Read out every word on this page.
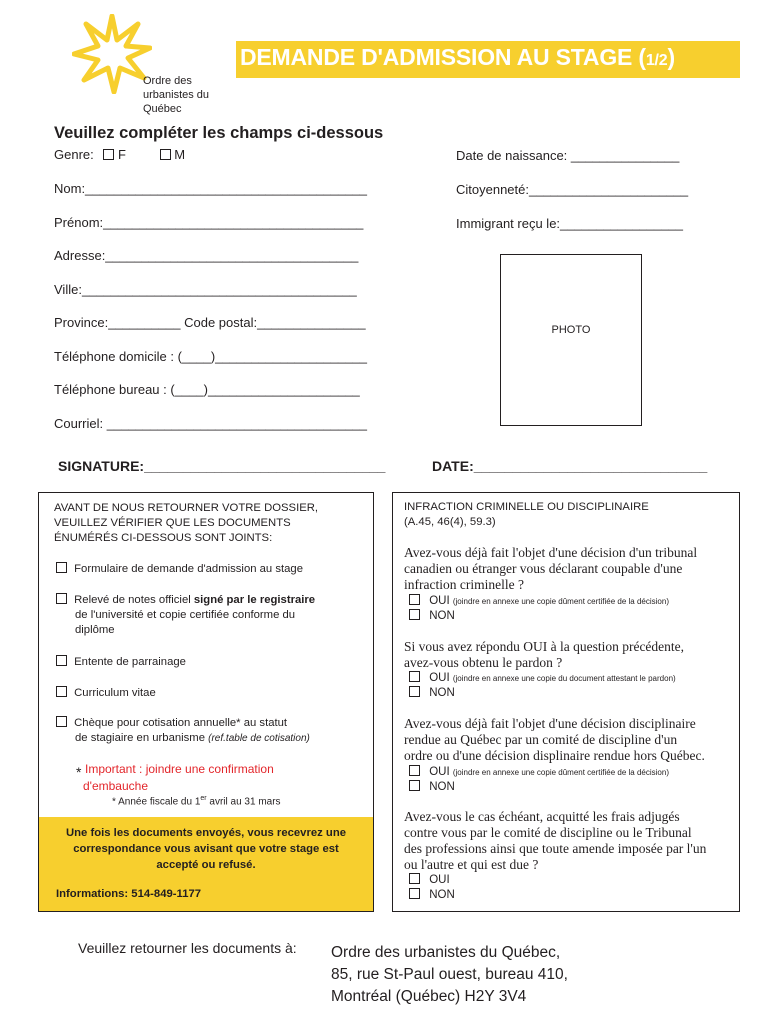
Ordre des
urbanistes du
Québec
DEMANDE D'ADMISSION AU STAGE (1/2)
Veuillez compléter les champs ci-dessous
Genre: F	M	Date de naissance: _______________
Nom:_______________________________________	Citoyenneté:______________________
Prénom:____________________________________	Immigrant reçu le:_________________
Adresse:___________________________________
Ville:______________________________________
Province:__________ Code postal:_______________
Téléphone domicile : (____)_____________________
Téléphone bureau : (____)_____________________
Courriel: ____________________________________
PHOTO
SIGNATURE:_______________________________	DATE:______________________________
AVANT DE NOUS RETOURNER VOTRE DOSSIER,
VEUILLEZ VÉRIFIER QUE LES DOCUMENTS
ÉNUMÉRÉS CI-DESSOUS SONT JOINTS:
Formulaire de demande d'admission au stage
Relevé de notes officiel signé par le registraire
de l'université et copie certifiée conforme du
diplôme
Entente de parrainage
Curriculum vitae
Chèque pour cotisation annuelle* au statut
de stagiaire en urbanisme (ref.table de cotisation)
* Important : joindre une confirmation
d'embauche
* Année fiscale du 1er avril au 31 mars
Une fois les documents envoyés, vous recevrez une
correspondance vous avisant que votre stage est
accepté ou refusé.
Informations: 514-849-1177
INFRACTION CRIMINELLE OU DISCIPLINAIRE
(A.45, 46(4), 59.3)
Avez-vous déjà fait l'objet d'une décision d'un tribunal
canadien ou étranger vous déclarant coupable d'une
infraction criminelle ?
OUI (joindre en annexe une copie dûment certifiée de la décision)
NON
Si vous avez répondu OUI à la question précédente,
avez-vous obtenu le pardon ?
OUI (joindre en annexe une copie du document attestant le pardon)
NON
Avez-vous déjà fait l'objet d'une décision disciplinaire
rendue au Québec par un comité de discipline d'un
ordre ou d'une décision displinaire rendue hors Québec.
OUI (joindre en annexe une copie dûment certifiée de la décision)
NON
Avez-vous le cas échéant, acquitté les frais adjugés
contre vous par le comité de discipline ou le Tribunal
des professions ainsi que toute amende imposée par l'un
ou l'autre et qui est due ?
OUI
NON
Veuillez retourner les documents à: Ordre des urbanistes du Québec,
85, rue St-Paul ouest, bureau 410,
Montréal (Québec) H2Y 3V4
